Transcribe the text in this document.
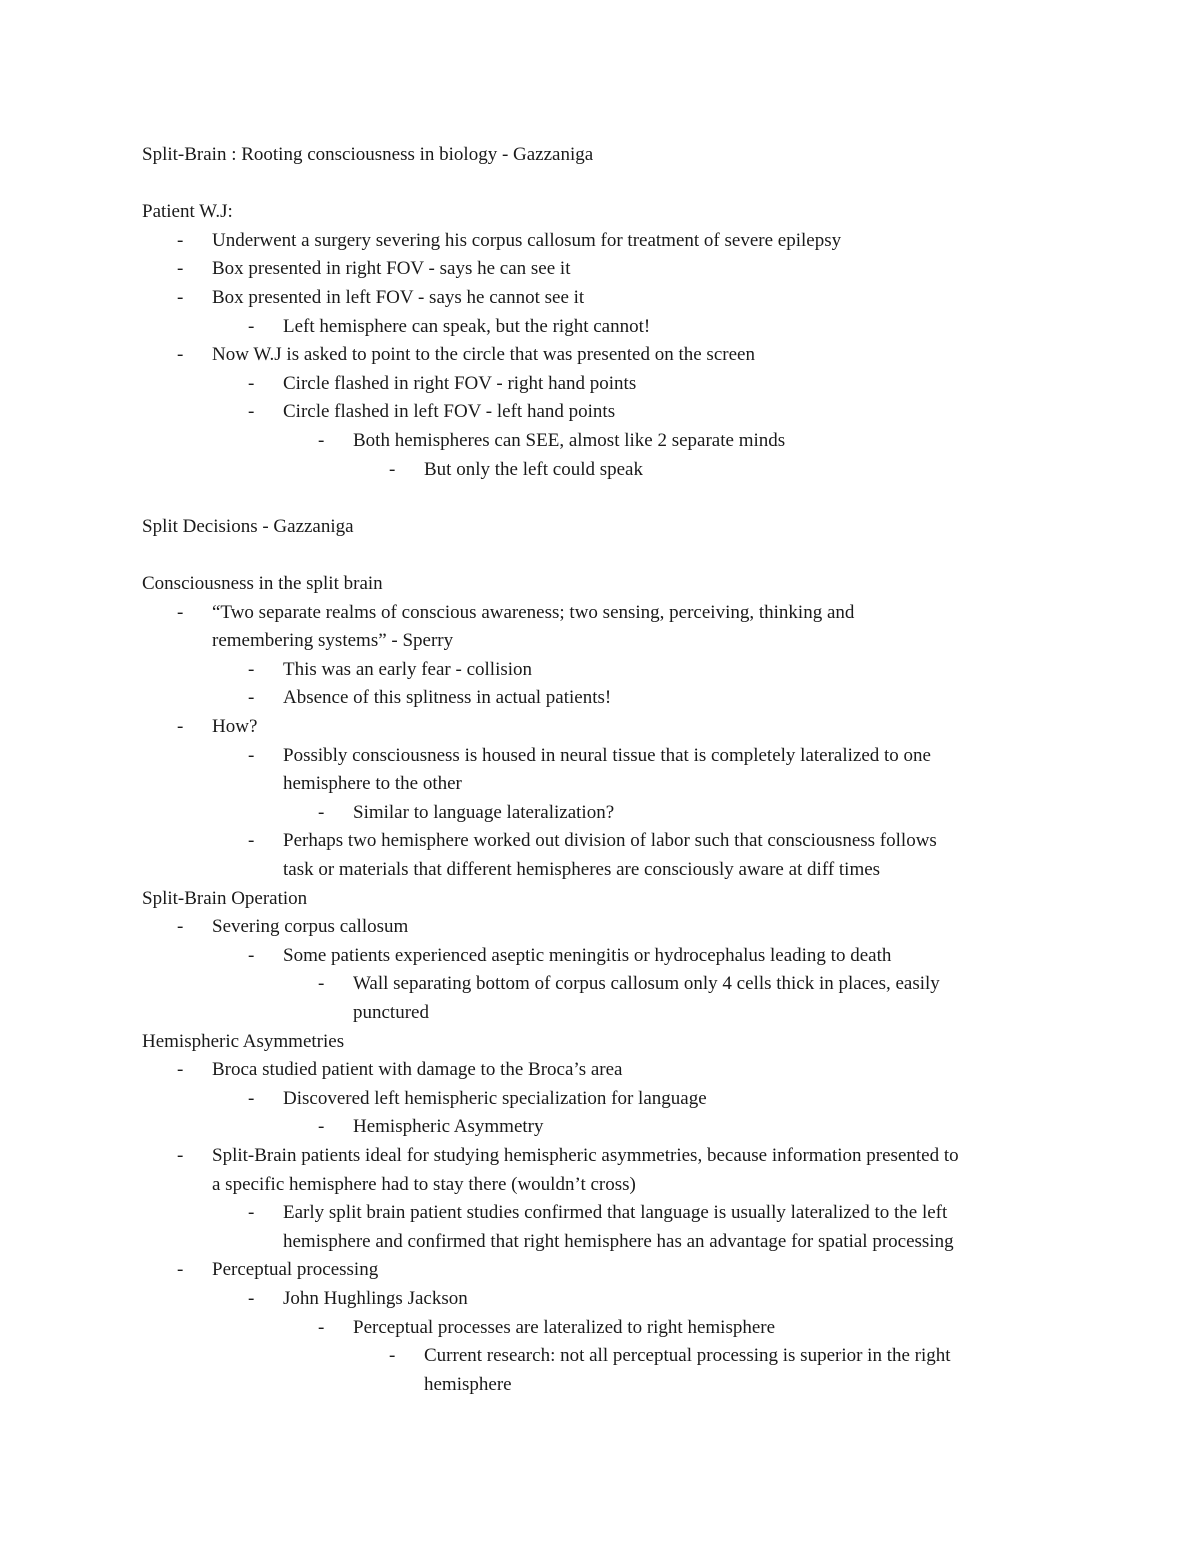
Split-Brain : Rooting consciousness in biology - Gazzaniga
Patient W.J:
- Underwent a surgery severing his corpus callosum for treatment of severe epilepsy
- Box presented in right FOV - says he can see it
- Box presented in left FOV - says he cannot see it
- Left hemisphere can speak, but the right cannot!
- Now W.J is asked to point to the circle that was presented on the screen
- Circle flashed in right FOV - right hand points
- Circle flashed in left FOV - left hand points
- Both hemispheres can SEE, almost like 2 separate minds
- But only the left could speak
Split Decisions - Gazzaniga
Consciousness in the split brain
- “Two separate realms of conscious awareness; two sensing, perceiving, thinking and
remembering systems” - Sperry
- This was an early fear - collision
- Absence of this splitness in actual patients!
- How?
- Possibly consciousness is housed in neural tissue that is completely lateralized to one
hemisphere to the other
- Similar to language lateralization?
- Perhaps two hemisphere worked out division of labor such that consciousness follows
task or materials that different hemispheres are consciously aware at diff times
Split-Brain Operation
- Severing corpus callosum
- Some patients experienced aseptic meningitis or hydrocephalus leading to death
- Wall separating bottom of corpus callosum only 4 cells thick in places, easily
punctured
Hemispheric Asymmetries
- Broca studied patient with damage to the Broca’s area
- Discovered left hemispheric specialization for language
- Hemispheric Asymmetry
- Split-Brain patients ideal for studying hemispheric asymmetries, because information presented to
a specific hemisphere had to stay there (wouldn’t cross)
- Early split brain patient studies confirmed that language is usually lateralized to the left
hemisphere and confirmed that right hemisphere has an advantage for spatial processing
- Perceptual processing
- John Hughlings Jackson
- Perceptual processes are lateralized to right hemisphere
- Current research: not all perceptual processing is superior in the right
hemisphere
